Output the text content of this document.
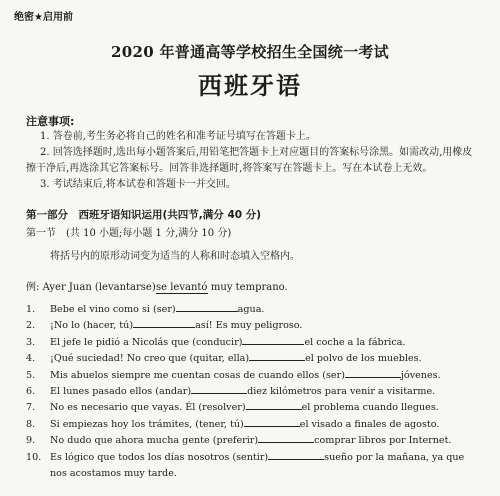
绝密★启用前
2020 年普通高等学校招生全国统一考试
西班牙语
注意事项:
1. 答卷前,考生务必将自己的姓名和准考证号填写在答题卡上。
2. 回答选择题时,选出每小题答案后,用铅笔把答题卡上对应题目的答案标号涂黑。如需改动,用橡皮擦干净后,再选涂其它答案标号。回答非选择题时,将答案写在答题卡上。写在本试卷上无效。
3. 考试结束后,将本试卷和答题卡一并交回。
第一部分　西班牙语知识运用(共四节,满分 40 分)
第一节　(共 10 小题;每小题 1 分,满分 10 分)
将括号内的原形动词变为适当的人称和时态填入空格内。
例: Ayer Juan (levantarse)se levantó muy temprano.
1.	Bebe el vino como si (ser)	agua.
2.	¡No lo (hacer, tú)	así! Es muy peligroso.
3.	El jefe le pidió a Nicolás que (conducir)	el coche a la fábrica.
4.	¡Qué suciedad! No creo que (quitar, ella)	el polvo de los muebles.
5.	Mis abuelos siempre me cuentan cosas de cuando ellos (ser)	jóvenes.
6.	El lunes pasado ellos (andar)	diez kilómetros para venir a visitarme.
7.	No es necesario que vayas. Él (resolver)	el problema cuando llegues.
8.	Si empiezas hoy los trámites, (tener, tú)	el visado a finales de agosto.
9.	No dudo que ahora mucha gente (preferir)	comprar libros por Internet.
10. Es lógico que todos los días nosotros (sentir)	sueño por la mañana, ya que nos acostamos muy tarde.
